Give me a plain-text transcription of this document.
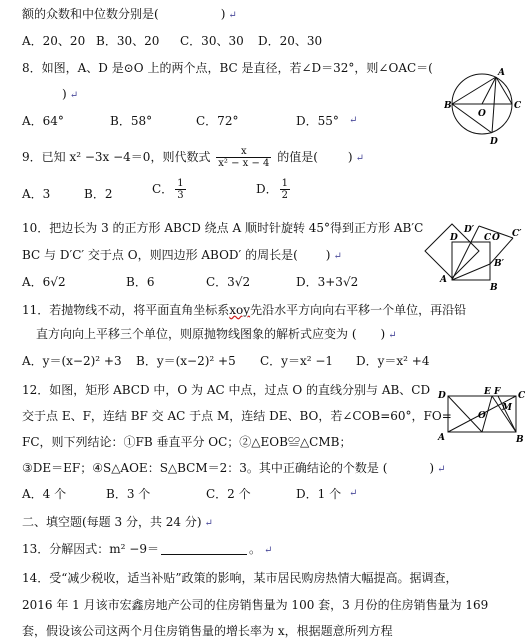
额的众数和中位数分别是(	) ↵
A．20、20 B．30、20 C．30、30 D．20、30
8．如图，A、D 是⊙O 上的两个点，BC 是直径，若∠D＝32°，则∠OAC＝(
) ↵
A
B
O
C
D
A．64°	B．58°	C．72°	D．55° ↵
9．已知 x² −3x −4＝0，则代数式 $\frac{x}{\text{x² − x − 4}}$ 的值是(	) ↵
A．3	B．2	C． $\frac{1}{3}$	D． $\frac{1}{2}$
10．把边长为 3 的正方形 ABCD 绕点 A 顺时针旋转 45°得到正方形 AB′C
BC 与 D′C′ 交于点 O，则四边形 ABOD′ 的周长是( ) ↵
D
D′	C′
O
B′
A
B
C
A．6√2	B．6	C．3√2	D．3+3√2
11．若抛物线不动，将平面直角坐标系xoy先沿水平方向向右平移一个单位，再沿铅
直方向向上平移三个单位，则原抛物线图象的解析式应变为 ( ) ↵
A．y＝(x−2)² +3 B．y＝(x−2)² +5 C．y＝x² −1 D．y＝x² +4
12．如图，矩形 ABCD 中，O 为 AC 中点，过点 O 的直线分别与 AB、CD
交于点 E、F，连结 BF 交 AC 于点 M，连结 DE、BO，若∠COB=60°，FO=
FC，则下列结论：①FB 垂直平分 OC；②△EOB≌△CMB；
③DE＝EF；④S△AOE：S△BCM＝2：3。其中正确结论的个数是 (	) ↵
D	E F C
M
O
A	B
A．4 个	B．3 个	C．2 个	D．1 个 ↵
二、填空题(每题 3 分，共 24 分) ↵
13．分解因式：m² −9＝	。 ↵
14．受“减少税收，适当补贴”政策的影响，某市居民购房热情大幅提高。据调查，
2016 年 1 月该市宏鑫房地产公司的住房销售量为 100 套，3 月份的住房销售量为 169
套，假设该公司这两个月住房销售量的增长率为 x，根据题意所列方程
